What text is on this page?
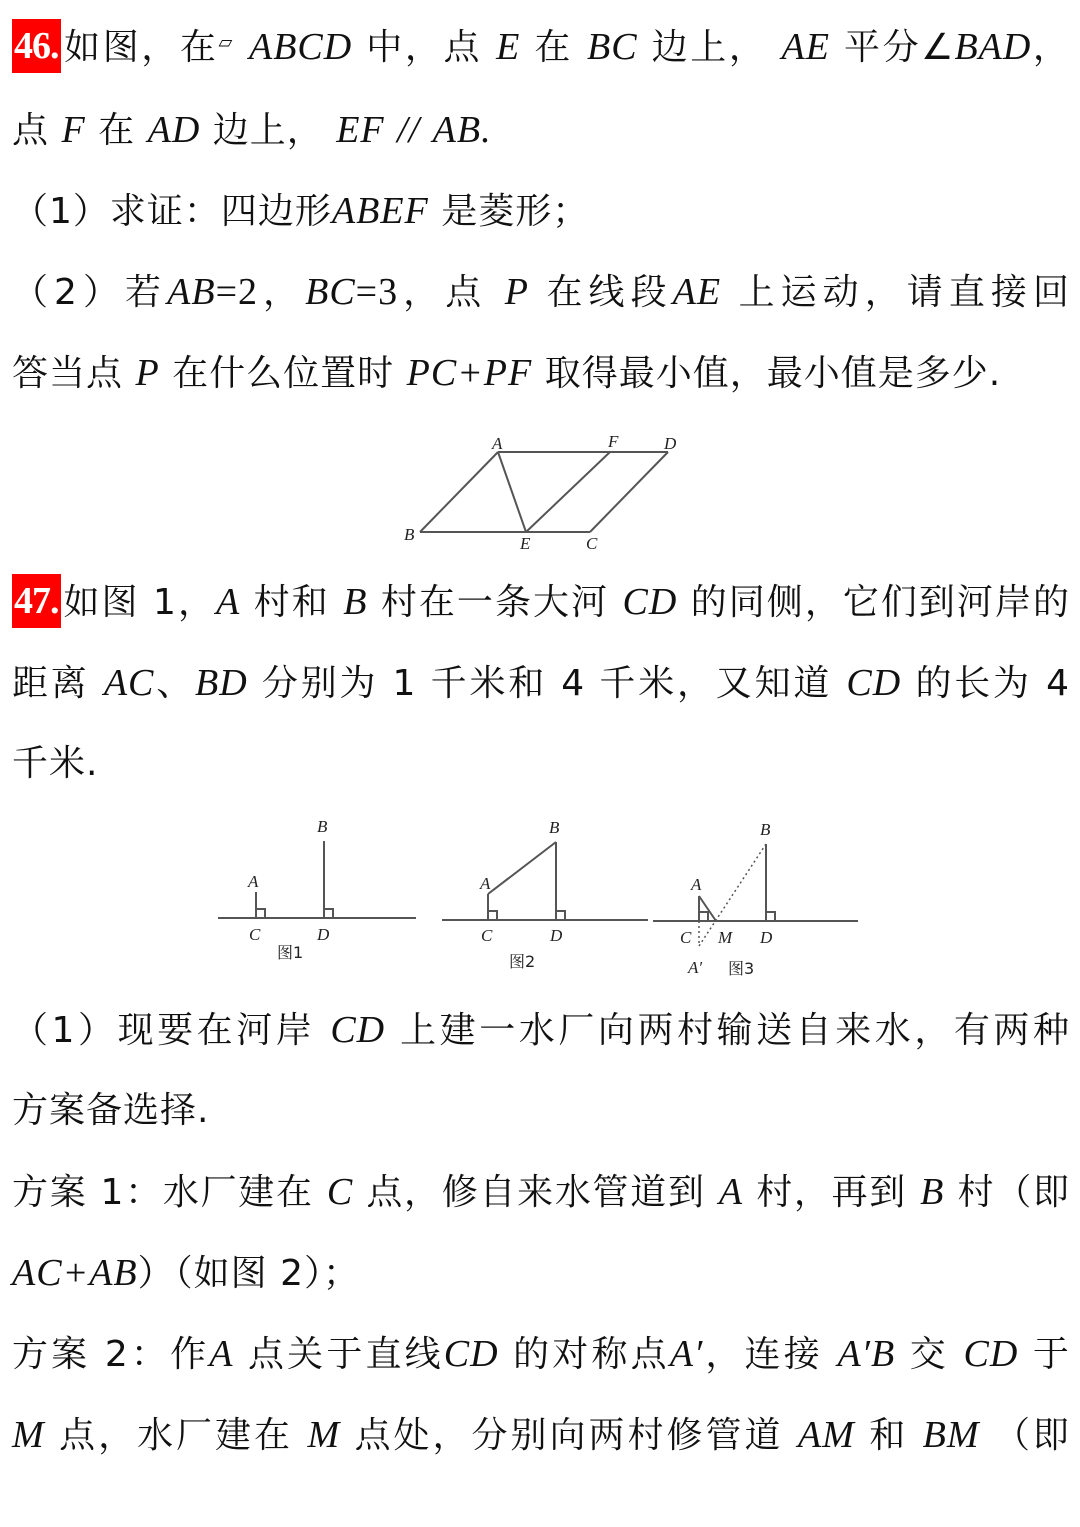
46. 如图，在▱ ABCD 中，点 E 在 BC 边上， AE 平分∠BAD，
点 F 在 AD 边上， EF // AB.
（1）求证：四边形ABEF 是菱形；
（2）若AB=2，BC=3，点 P 在线段AE 上运动，请直接回
答当点 P 在什么位置时 PC+PF 取得最小值，最小值是多少.
A	F	D
B	E	C
47. 如图 1，A 村和 B 村在一条大河 CD 的同侧，它们到河岸的
距离 AC、BD 分别为 1 千米和 4 千米，又知道 CD 的长为 4
千米.
A
B
C	D
图1
A
B
C	D
图2
A
B
C M D
A′ 图3
（1）现要在河岸 CD 上建一水厂向两村输送自来水，有两种
方案备选择.
方案 1：水厂建在 C 点，修自来水管道到 A 村，再到 B 村（即
AC+AB）（如图 2）；
方案 2：作A 点关于直线CD 的对称点A′，连接 A′B 交 CD 于
M 点，水厂建在 M 点处，分别向两村修管道 AM 和 BM （即
